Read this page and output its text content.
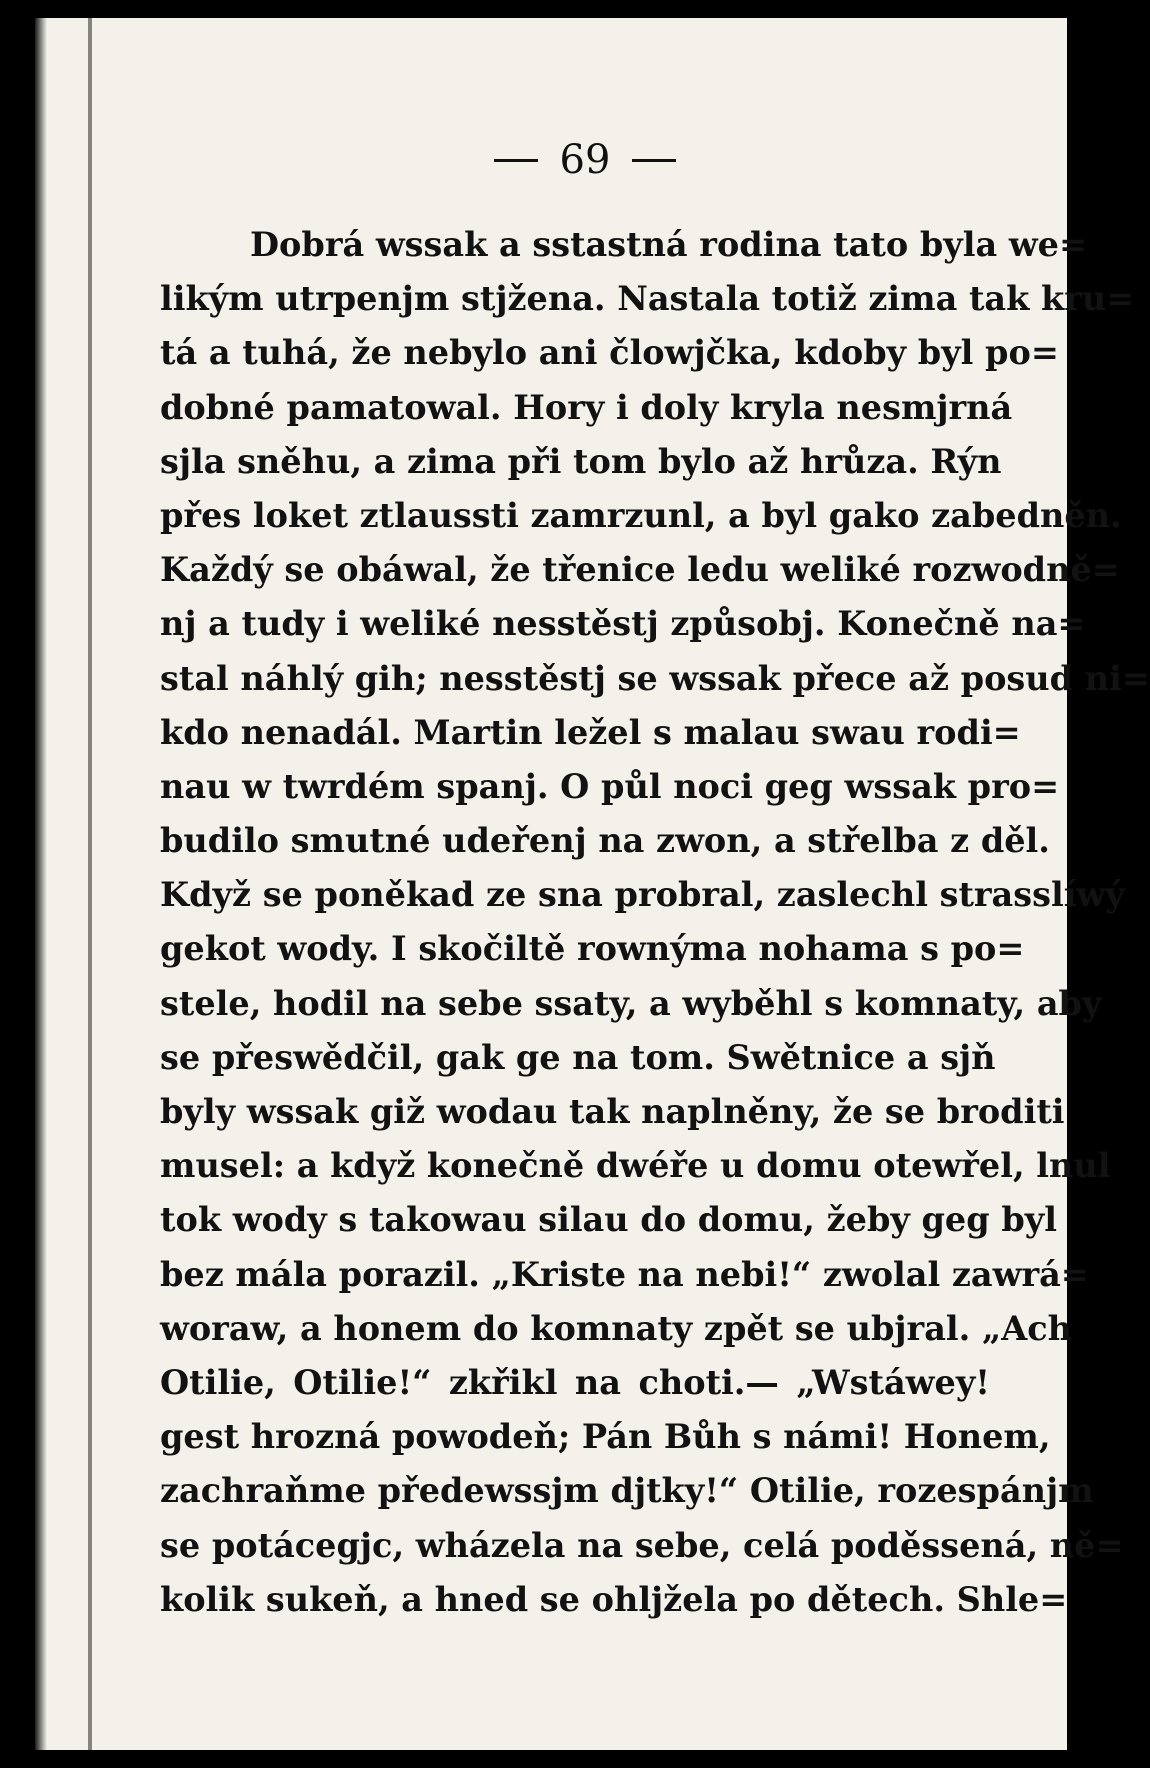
69
Dobrá wssak a sstastná rodina tato byla we=
likým utrpenjm stjžena. Nastala totiž zima tak kru=
tá a tuhá, že nebylo ani člowjčka, kdoby byl po=
dobné pamatowal. Hory i doly kryla nesmjrná
sjla sněhu, a zima při tom bylo až hrůza. Rýn
přes loket ztlaussti zamrzunl, a byl gako zabedněn.
Každý se obáwal, že třenice ledu weliké rozwodně=
nj a tudy i weliké nesstěstj způsobj. Konečně na=
stal náhlý gih; nesstěstj se wssak přece až posud ni=
kdo nenadál. Martin ležel s malau swau rodi=
nau w twrdém spanj. O půl noci geg wssak pro=
budilo smutné udeřenj na zwon, a střelba z děl.
Když se poněkad ze sna probral, zaslechl strasslíwý
gekot wody. I skočiltě rownýma nohama s po=
stele, hodil na sebe ssaty, a wyběhl s komnaty, aby
se přeswědčil, gak ge na tom. Swětnice a sjň
byly wssak giž wodau tak naplněny, že se broditi
musel: a když konečně dwéře u domu otewřel, lnul
tok wody s takowau silau do domu, žeby geg byl
bez mála porazil. „Kriste na nebi!“ zwolal zawrá=
woraw, a honem do komnaty zpět se ubjral. „Ach
Otilie, Otilie!“ zkřikl na choti.— „Wstáwey!
gest hrozná powodeň; Pán Bůh s námi! Honem,
zachraňme předewssjm djtky!“ Otilie, rozespánjm
se potácegjc, wházela na sebe, celá poděssená, ně=
kolik sukeň, a hned se ohljžela po dětech. Shle=
